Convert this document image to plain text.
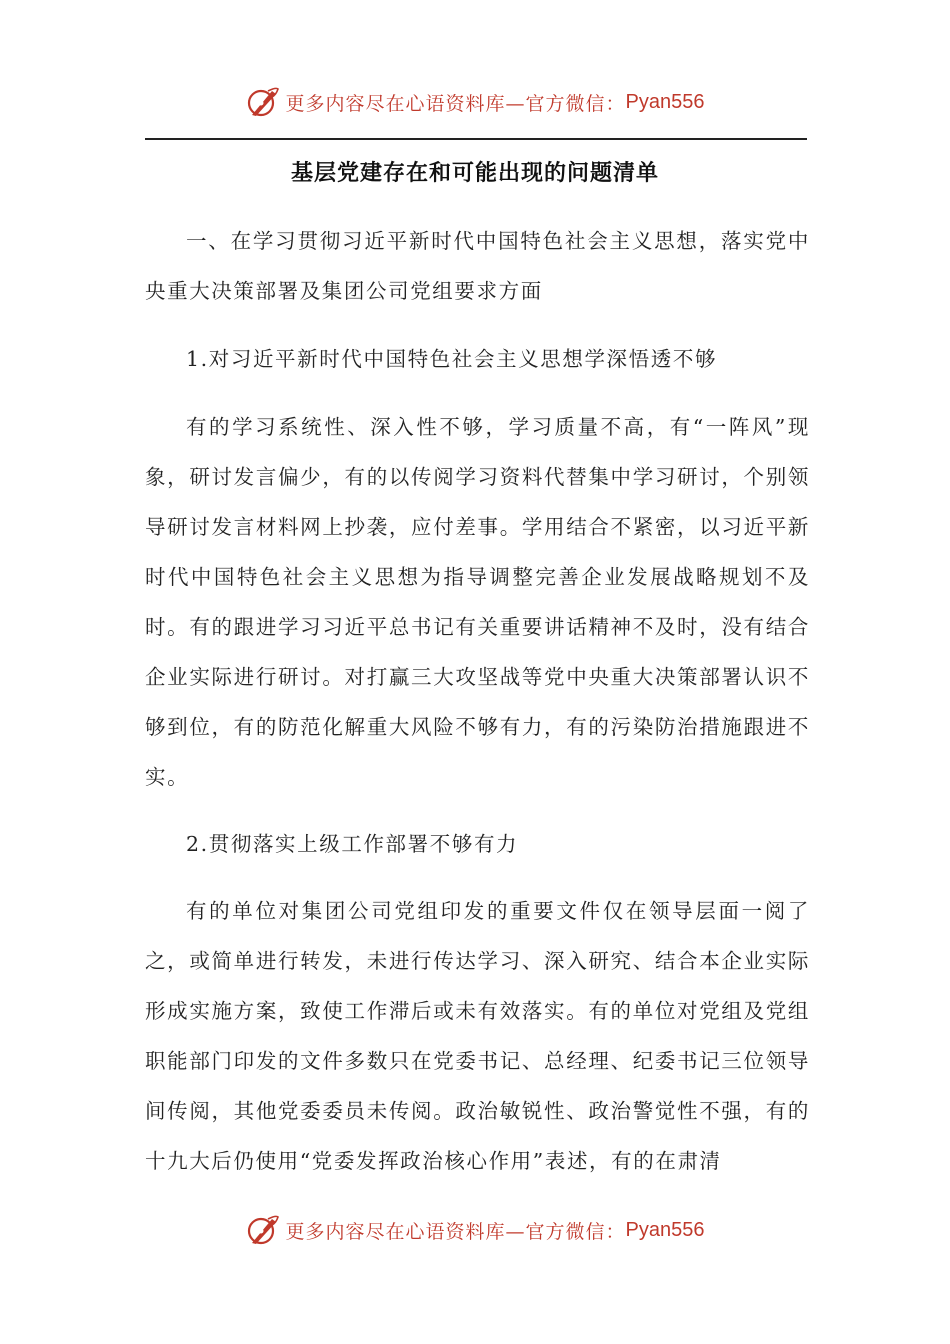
更多内容尽在心语资料库—官方微信： Pyan556
基层党建存在和可能出现的问题清单

一、在学习贯彻习近平新时代中国特色社会主义思想，落实党中央重大决策部署及集团公司党组要求方面

1.对习近平新时代中国特色社会主义思想学深悟透不够

有的学习系统性、深入性不够，学习质量不高，有“一阵风”现象，研讨发言偏少，有的以传阅学习资料代替集中学习研讨，个别领导研讨发言材料网上抄袭，应付差事。学用结合不紧密，以习近平新时代中国特色社会主义思想为指导调整完善企业发展战略规划不及时。有的跟进学习习近平总书记有关重要讲话精神不及时，没有结合企业实际进行研讨。对打赢三大攻坚战等党中央重大决策部署认识不够到位，有的防范化解重大风险不够有力，有的污染防治措施跟进不实。

2.贯彻落实上级工作部署不够有力

有的单位对集团公司党组印发的重要文件仅在领导层面一阅了之，或简单进行转发，未进行传达学习、深入研究、结合本企业实际形成实施方案，致使工作滞后或未有效落实。有的单位对党组及党组职能部门印发的文件多数只在党委书记、总经理、纪委书记三位领导间传阅，其他党委委员未传阅。政治敏锐性、政治警觉性不强，有的十九大后仍使用“党委发挥政治核心作用”表述，有的在肃清

更多内容尽在心语资料库—官方微信： Pyan556
